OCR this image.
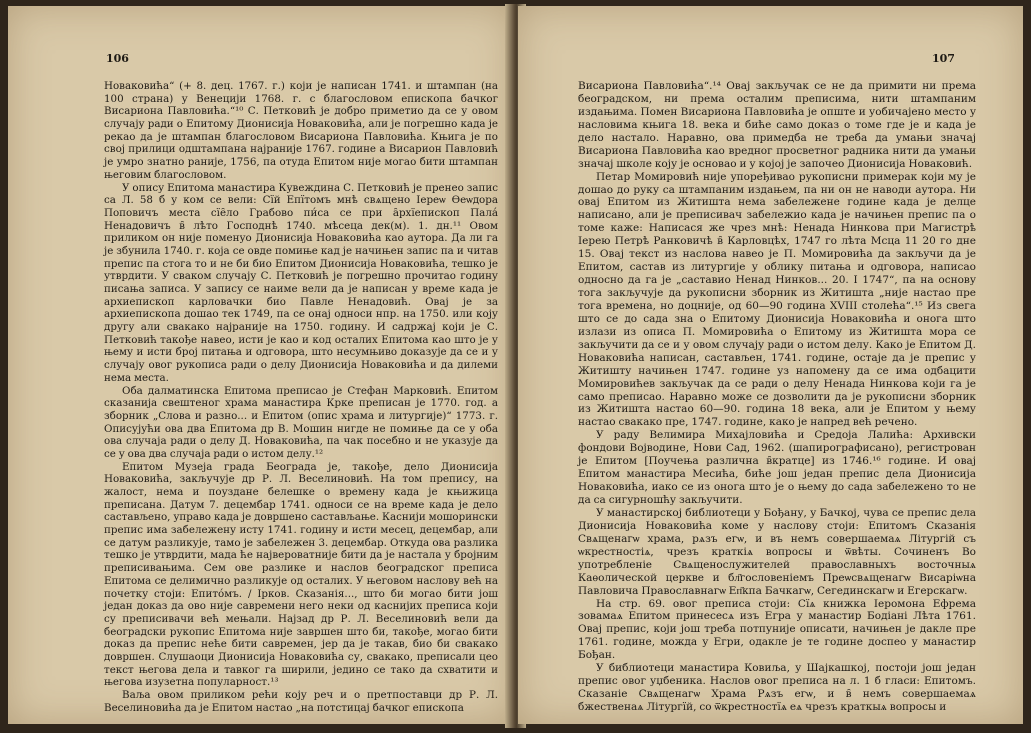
106

Новаковића“ (+ 8. дец. 1767. г.) који је написан 1741. и штампан (на 100 страна) у Венецији 1768. г. с благословом епископа бачког Висариона Павловића.“¹⁰ С. Петковић је добро приметио да се у овом случају ради о Епитому Дионисија Новаковића, али је погрешно када је рекао да је штампан благословом Висариона Павловића. Књига је по свој прилици одштампана најраније 1767. године а Висарион Павловић је умро знатно раније, 1756, па отуда Епитом није могао бити штампан његовим благословом.

У опису Епитома манастира Кувеждина С. Петковић је пренео запис са Л. 58 б у ком се вели: Сїй Епїтомъ мнѣ свѧщено Іереѡ Ѳеѡдора Поповичъ места сїе̑ло Грабово пи́са се при а̑рхїепископ Пала́ Ненадовичъ в̑ лѣто Господнѣ 1740. мѣсеца дек(м). 1. дн.¹¹ Овом приликом он није поменуо Дионисија Новаковића као аутора. Да ли га је збунила 1740. г. која се овде помиње кад је начињен запис па и читав препис па стога то и не би био Епитом Дионисија Новаковића, тешко је утврдити. У сваком случају С. Петковић је погрешно прочитао годину писања записа. У запису се наиме вели да је написан у време када је архиепископ карловачки био Павле Ненадовић. Овај је за архиепископа дошао тек 1749, па се онај односи нпр. на 1750. или коју другу али свакако најраније на 1750. годину. И садржај који је С. Петковић такође навео, исти је као и код осталих Епитома као што је у њему и исти број питања и одговора, што несумњиво доказује да се и у случају овог рукописа ради о делу Дионисија Новаковића и да дилеми нема места.

Оба далматинска Епитома преписао је Стефан Марковић. Епитом сказанија свештеног храма манастира Крке преписан је 1770. год. а зборник „Слова и разно... и Епитом (опис храма и литургије)“ 1773. г. Описујући ова два Епитома др В. Мошин нигде не помиње да се у оба ова случаја ради о делу Д. Новаковића, па чак посебно и не указује да се у ова два случаја ради о истом делу.¹²

Епитом Музеја града Београда је, такође, дело Дионисија Новаковића, закључује др Р. Л. Веселиновић. На том препису, на жалост, нема и поуздане белешке о времену када је књижица преписана. Датум 7. децембар 1741. односи се на време када је дело састављено, управо када је довршено састављање. Каснији мошорински препис има забележену исту 1741. годину и исти месец, децембар, али се датум разликује, тамо је забележен 3. децембар. Откуда ова разлика тешко је утврдити, мада ће највероватније бити да је настала у бројним преписивањима. Сем ове разлике и наслов београдског преписа Епитома се делимично разликује од осталих. У његовом наслову већ на почетку стоји: Епитóмъ. / Ірков. Сказанія..., што би могао бити још један доказ да ово није савремени него неки од каснијих преписа који су преписивачи већ мењали. Најзад др Р. Л. Веселиновић вели да београдски рукопис Епитома није завршен што би, такође, могао бити доказ да препис неће бити савремен, јер да је такав, био би свакако довршен. Слушаоци Дионисија Новаковића су, свакако, преписали цео текст његова дела и тавког га ширили, једино се тако да схватити и његова изузетна популарност.¹³

Ваља овом приликом рећи коју реч и о претпоставци др Р. Л. Веселиновића да је Епитом настао „на потстицај бачког епископа

107

Висариона Павловића“.¹⁴ Овај закључак се не да примити ни према београдском, ни према осталим преписима, нити штампаним издањима. Помен Висариона Павловића је опште и уобичајено место у насловима књига 18. века и биће само доказ о томе где је и када је дело настало. Наравно, ова примедба не треба да умањи значај Висариона Павловића као вредног просветног радника нити да умањи значај школе коју је основао и у којој је започео Дионисија Новаковић.

Петар Момировић није упоређивао рукописни примерак који му је дошао до руку са штампаним издањем, па ни он не наводи аутора. Ни овај Епитом из Житишта нема забележене године када је делце написано, али је преписивач забележио када је начињен препис па о томе каже: Написася же чрез мнѣ: Ненада Нинкова при Магистрѣ Іерею Петрѣ Ранковичѣ в̑ Карловцѣх, 1747 го лѣта Мсца 11 20 го дне 15. Овај текст из наслова навео је П. Момировића да закључи да је Епитом, састав из литургије у облику питања и одговора, написао односно да га је „саставио Ненад Нинков... 20. I 1747“, па на основу тога закључује да рукописни зборник из Житишта „није настао пре тога времена, но доцније, од 60—90 година XVIII столећа“.¹⁵ Из свега што се до сада зна о Епитому Дионисија Новаковића и онога што излази из описа П. Момировића о Епитому из Житишта мора се закључити да се и у овом случају ради о истом делу. Како је Епитом Д. Новаковића написан, састављен, 1741. године, остаје да је препис у Житишту начињен 1747. године уз напомену да се има одбацити Момировићев закључак да се ради о делу Ненада Нинкова који га је само преписао. Наравно може се дозволити да је рукописни зборник из Житишта настао 60—90. година 18 века, али је Епитом у њему настао свакако пре, 1747. године, како је напред већ речено.

У раду Велимира Михајловића и Средоја Лалића: Архивски фондови Војводине, Нови Сад, 1962. (шапирографисано), регистрован је Епитом [Поучења различна в̑кратце] из 1746.¹⁶ године. И овај Епитом манастира Месића, биће још један препис дела Дионисија Новаковића, иако се из онога што је о њему до сада забележено то не да са сигурношћу закључити.

У манастирској библиотеци у Бођану, у Бачкој, чува се препис дела Дионисија Новаковића коме у наслову стоји: Епитомъ Сказанія Свѧщенагѡ храма, рѧзъ егѡ, и въ немъ совершаемаѧ Літургій съ ѡкрестностіѧ, чрезъ краткіѧ вопросы и ѿвѣты. Сочиненъ Во употребленіе Свѧщенослужителей православныхъ восточныѧ Каѳолической церкве и бл҃гословеніемъ Преѡсвѧщенагѡ Висаріѡна Павловича Православнагѡ Еп҃кпа Бачкагѡ, Сегединскагѡ и Егерскагѡ.

На стр. 69. овог преписа стоји: Сїѧ книжка Іеромона Ефрема зовамаѧ Епитом принесесѧ изъ Егра у манастир Бодіані Лѣта 1761. Овај препис, који још треба потпуније описати, начињен је дакле пре 1761. године, можда у Егри, одакле је те године доспео у манастир Бођан.

У библиотеци манастира Ковиља, у Шајкашкој, постоји још један препис овог уџбеника. Наслов овог преписа на л. 1 б гласи: Епитомъ. Сказаніе Свѧщенагѡ Храма Рѧзъ егѡ, и в̑ немъ совершаемаѧ бжественаѧ Літургїй, со ѿкрестностїѧ еѧ чрезъ краткыѧ вопросы и
